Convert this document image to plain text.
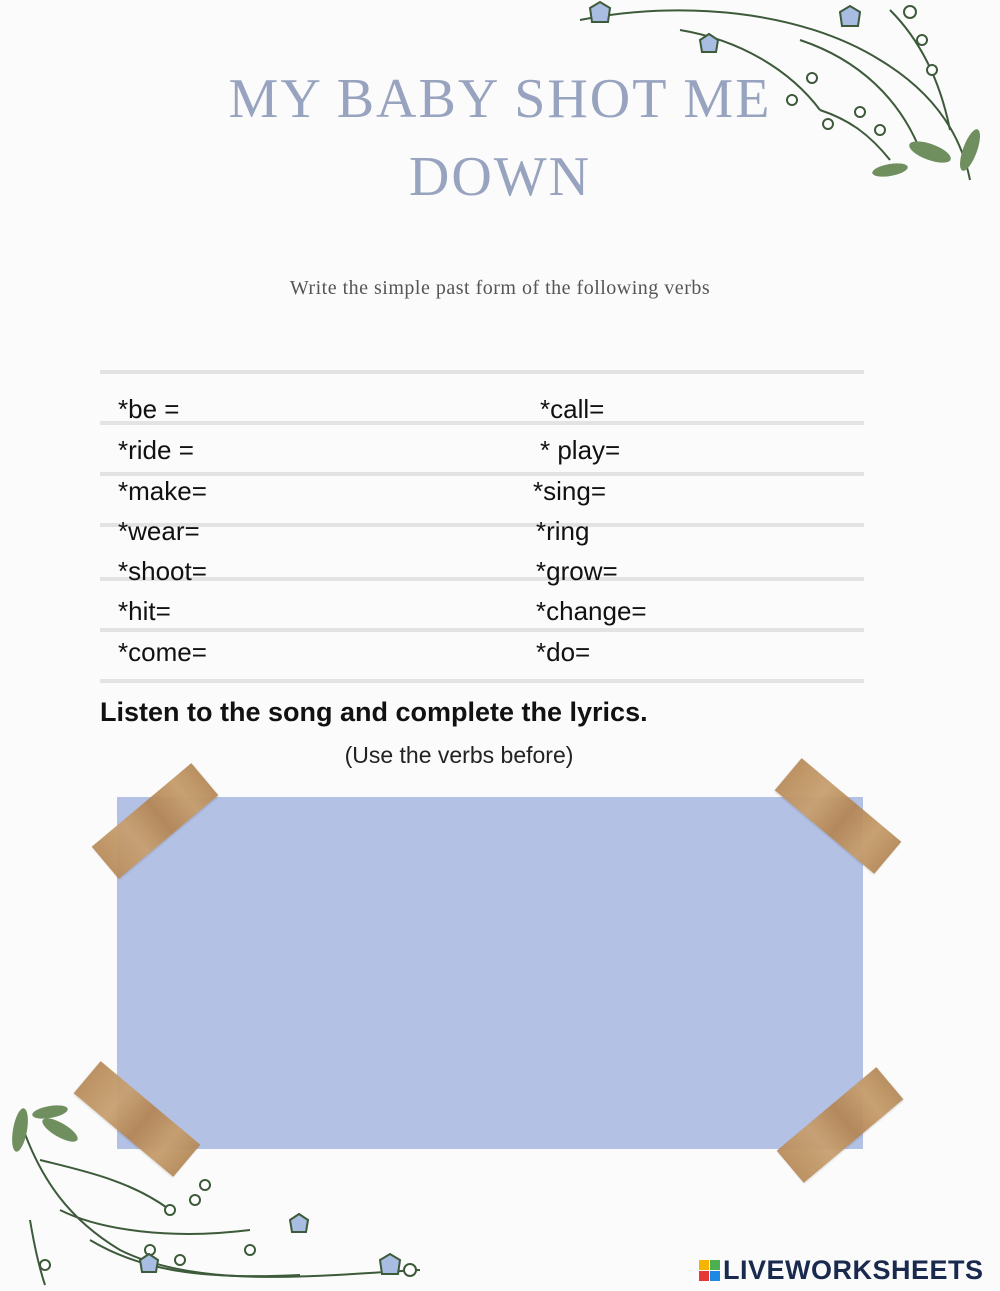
MY BABY SHOT ME DOWN

Write the simple past form of the following verbs

*be =
*ride =
*make=
*wear=
*shoot=
*hit=
*come=
*call=
* play=
*sing=
*ring
*grow=
*change=
*do=
Listen to the song and complete the lyrics.
(Use the verbs before)
LIVEWORKSHEETS
